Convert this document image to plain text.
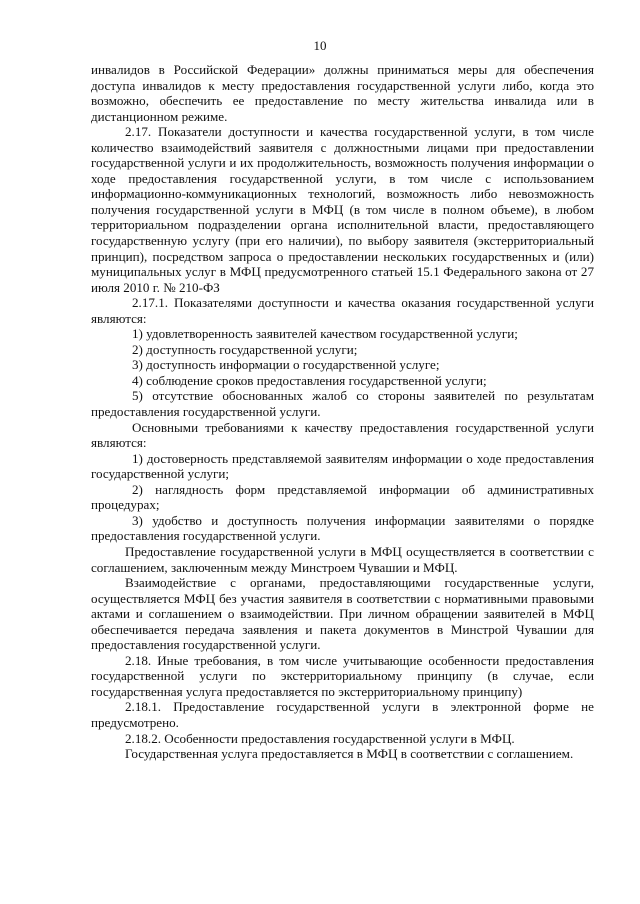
10

инвалидов в Российской Федерации» должны приниматься меры для обеспечения доступа инвалидов к месту предоставления государственной услуги либо, когда это возможно, обеспечить ее предоставление по месту жительства инвалида или в дистанционном режиме.

2.17. Показатели доступности и качества государственной услуги, в том числе количество взаимодействий заявителя с должностными лицами при предоставлении государственной услуги и их продолжительность, возможность получения информации о ходе предоставления государственной услуги, в том числе с использованием информационно-коммуникационных технологий, возможность либо невозможность получения государственной услуги в МФЦ (в том числе в полном объеме), в любом территориальном подразделении органа исполнительной власти, предоставляющего государственную услугу (при его наличии), по выбору заявителя (экстерриториальный принцип), посредством запроса о предоставлении нескольких государственных и (или) муниципальных услуг в МФЦ предусмотренного статьей 15.1 Федерального закона от 27 июля 2010 г. № 210-ФЗ

2.17.1. Показателями доступности и качества оказания государственной услуги являются:

1) удовлетворенность заявителей качеством государственной услуги;

2) доступность государственной услуги;

3) доступность информации о государственной услуге;

4) соблюдение сроков предоставления государственной услуги;

5) отсутствие обоснованных жалоб со стороны заявителей по результатам предоставления государственной услуги.

Основными требованиями к качеству предоставления государственной услуги являются:

1) достоверность представляемой заявителям информации о ходе предоставления государственной услуги;

2) наглядность форм представляемой информации об административных процедурах;

3) удобство и доступность получения информации заявителями о порядке предоставления государственной услуги.

Предоставление государственной услуги в МФЦ осуществляется в соответствии с соглашением, заключенным между Минстроем Чувашии и МФЦ.

Взаимодействие с органами, предоставляющими государственные услуги, осуществляется МФЦ без участия заявителя в соответствии с нормативными правовыми актами и соглашением о взаимодействии. При личном обращении заявителей в МФЦ обеспечивается передача заявления и пакета документов в Минстрой Чувашии для предоставления государственной услуги.

2.18. Иные требования, в том числе учитывающие особенности предоставления государственной услуги по экстерриториальному принципу (в случае, если государственная услуга предоставляется по экстерриториальному принципу)

2.18.1. Предоставление государственной услуги в электронной форме не предусмотрено.

2.18.2. Особенности предоставления государственной услуги в МФЦ.

Государственная услуга предоставляется в МФЦ в соответствии с соглашением.
